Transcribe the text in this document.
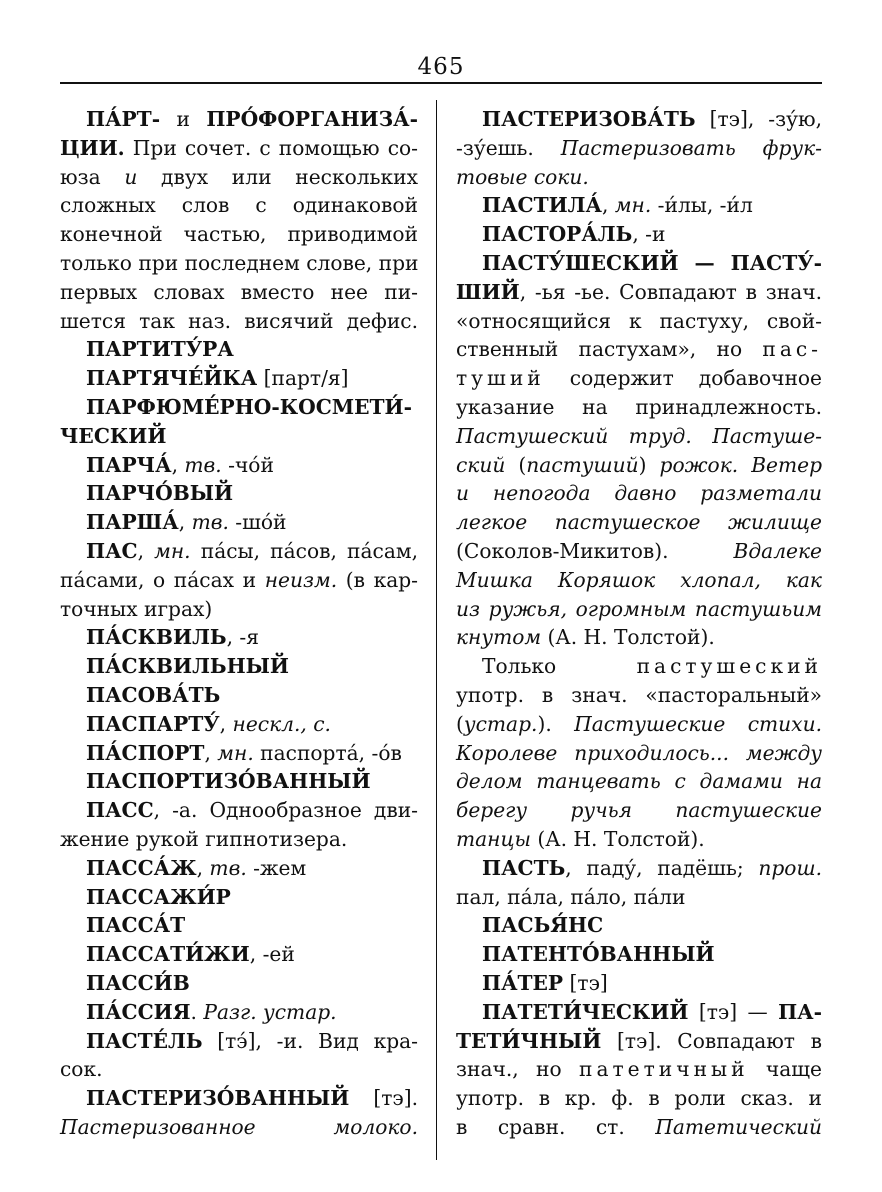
465
ПА́РТ- и ПРО́ФОРГАНИЗА́-
ЦИИ. При сочет. с помощью со-
юза и двух или нескольких
сложных слов с одинаковой
конечной частью, приводимой
только при последнем слове, при
первых словах вместо нее пи-
шется так наз. висячий дефис.
ПАРТИТУ́РА
ПАРТЯЧЕ́ЙКА [парт/я]
ПАРФЮМЕ́РНО-КОСМЕТИ́-
ЧЕСКИЙ
ПАРЧА́, тв. -чо́й
ПАРЧО́ВЫЙ
ПАРША́, тв. -шо́й
ПАС, мн. па́сы, па́сов, па́сам,
па́сами, о па́сах и неизм. (в кар-
точных играх)
ПА́СКВИЛЬ, -я
ПА́СКВИЛЬНЫЙ
ПАСОВА́ТЬ
ПАСПАРТУ́, нескл., с.
ПА́СПОРТ, мн. паспорта́, -о́в
ПАСПОРТИЗО́ВАННЫЙ
ПАСС, -а. Однообразное дви-
жение рукой гипнотизера.
ПАССА́Ж, тв. -жем
ПАССАЖИ́Р
ПАССА́Т
ПАССАТИ́ЖИ, -ей
ПАССИ́В
ПА́ССИЯ. Разг. устар.
ПАСТЕ́ЛЬ [тэ́], -и. Вид кра-
сок.
ПАСТЕРИЗО́ВАННЫЙ [тэ].
Пастеризованное молоко.
ПАСТЕРИЗОВА́ТЬ [тэ], -зу́ю,
-зу́ешь. Пастеризовать фрук-
товые соки.
ПАСТИЛА́, мн. -и́лы, -и́л
ПАСТОРА́ЛЬ, -и
ПАСТУ́ШЕСКИЙ — ПАСТУ́-
ШИЙ, -ья -ье. Совпадают в знач.
«относящийся к пастуху, свой-
ственный пастухам», но пас-
туший содержит добавочное
указание на принадлежность.
Пастушеский труд. Пастуше-
ский (пастуший) рожок. Ветер
и непогода давно разметали
легкое пастушеское жилище
(Соколов-Микитов). Вдалеке
Мишка Коряшок хлопал, как
из ружья, огромным пастушьим
кнутом (А. Н. Толстой).
Только пастушеский
употр. в знач. «пасторальный»
(устар.). Пастушеские стихи.
Королеве приходилось... между
делом танцевать с дамами на
берегу ручья пастушеские
танцы (А. Н. Толстой).
ПАСТЬ, паду́, падёшь; прош.
пал, па́ла, па́ло, па́ли
ПАСЬЯ́НС
ПАТЕНТО́ВАННЫЙ
ПА́ТЕР [тэ]
ПАТЕТИ́ЧЕСКИЙ [тэ] — ПА-
ТЕТИ́ЧНЫЙ [тэ]. Совпадают в
знач., но патетичный чаще
употр. в кр. ф. в роли сказ. и
в сравн. ст. Патетический
